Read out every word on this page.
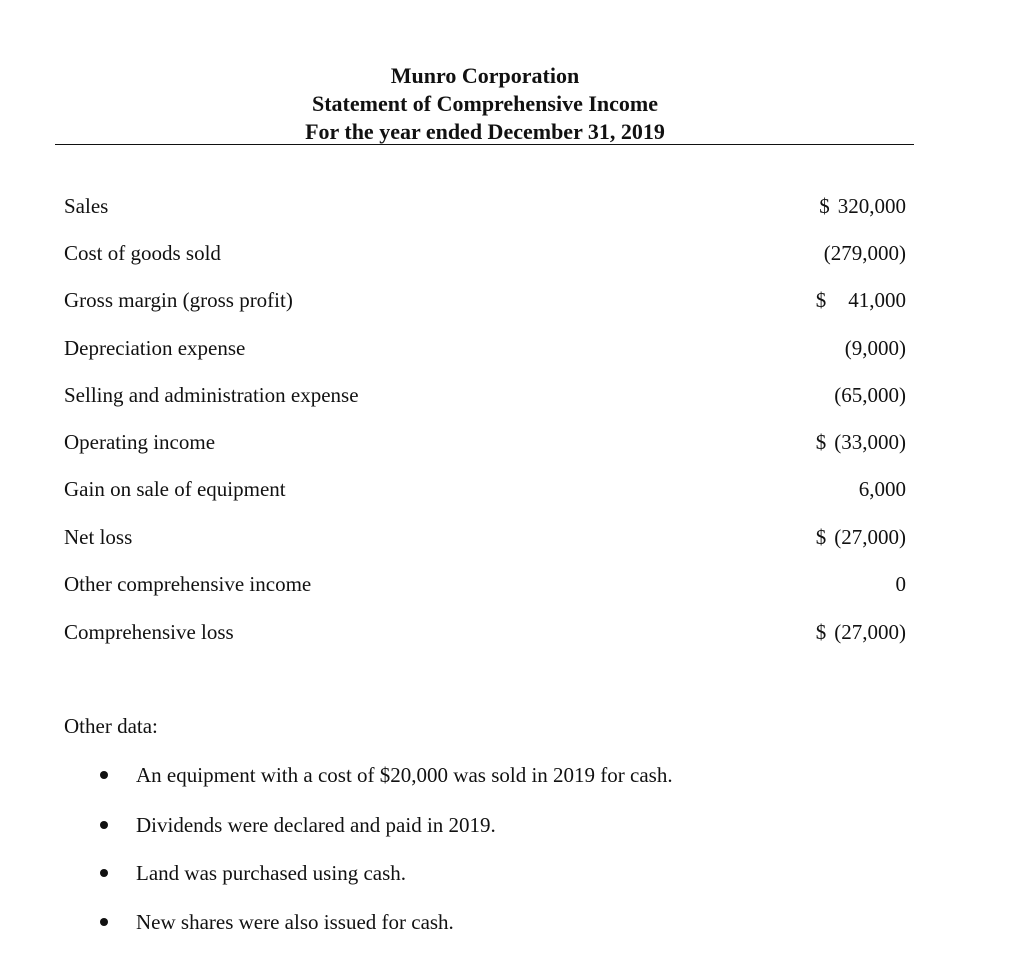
Munro Corporation
Statement of Comprehensive Income
For the year ended December 31, 2019
Sales	$ 320,000
Cost of goods sold	(279,000)
Gross margin (gross profit)	$ 41,000
Depreciation expense	(9,000)
Selling and administration expense	(65,000)
Operating income	$ (33,000)
Gain on sale of equipment	6,000
Net loss	$ (27,000)
Other comprehensive income	0
Comprehensive loss	$ (27,000)
Other data:
An equipment with a cost of $20,000 was sold in 2019 for cash.
Dividends were declared and paid in 2019.
Land was purchased using cash.
New shares were also issued for cash.
